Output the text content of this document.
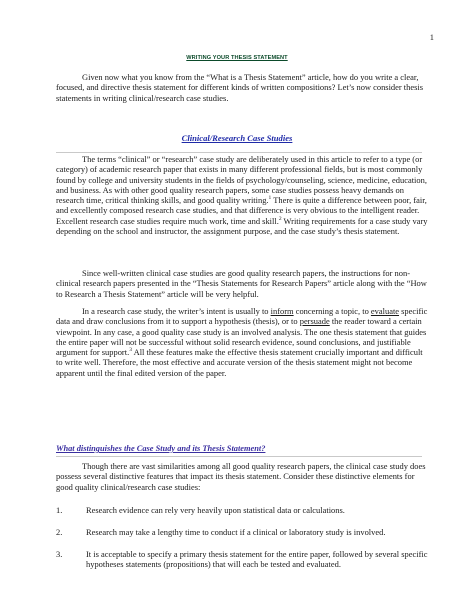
1
WRITING YOUR THESIS STATEMENT

Given now what you know from the “What is a Thesis Statement” article, how do you write a clear, focused, and directive thesis statement for different kinds of written compositions? Let’s now consider thesis statements in writing clinical/research case studies.

Clinical/Research Case Studies

The terms “clinical” or “research” case study are deliberately used in this article to refer to a type (or category) of academic research paper that exists in many different professional fields, but is most commonly found by college and university students in the fields of psychology/counseling, science, medicine, education, and business. As with other good quality research papers, some case studies possess heavy demands on research time, critical thinking skills, and good quality writing.$^1$ There is quite a difference between poor, fair, and excellently composed research case studies, and that difference is very obvious to the intelligent reader. Excellent research case studies require much work, time and skill.$^2$ Writing requirements for a case study vary depending on the school and instructor, the assignment purpose, and the case study’s thesis statement.

Since well-written clinical case studies are good quality research papers, the instructions for non-clinical research papers presented in the “Thesis Statements for Research Papers” article along with the “How to Research a Thesis Statement” article will be very helpful.

In a research case study, the writer’s intent is usually to inform concerning a topic, to evaluate specific data and draw conclusions from it to support a hypothesis (thesis), or to persuade the reader toward a certain viewpoint. In any case, a good quality case study is an involved analysis. The one thesis statement that guides the entire paper will not be successful without solid research evidence, sound conclusions, and justifiable argument for support.$^3$ All these features make the effective thesis statement crucially important and difficult to write well. Therefore, the most effective and accurate version of the thesis statement might not become apparent until the final edited version of the paper.

What distinguishes the Case Study and its Thesis Statement?

Though there are vast similarities among all good quality research papers, the clinical case study does possess several distinctive features that impact its thesis statement. Consider these distinctive elements for good quality clinical/research case studies:

1.	Research evidence can rely very heavily upon statistical data or calculations.
2.	Research may take a lengthy time to conduct if a clinical or laboratory study is involved.
3.	It is acceptable to specify a primary thesis statement for the entire paper, followed by several specific hypotheses statements (propositions) that will each be tested and evaluated.
